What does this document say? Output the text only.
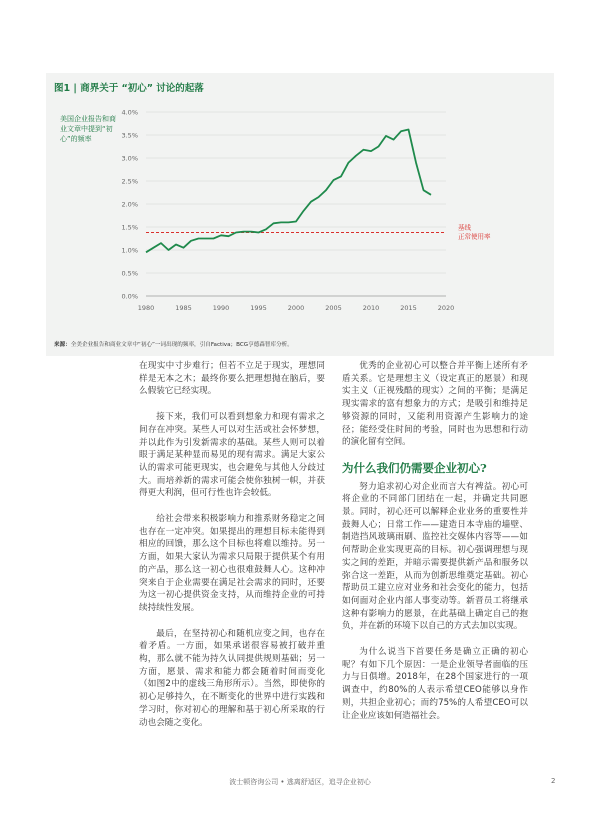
图1 | 商界关于 “初心” 讨论的起落
美国企业报告和商业文章中提到“初心”的频率
0.0%
0.5%
1.0%
1.5%
2.0%
2.5%
3.0%
3.5%
4.0%
1980	1985	1990	1995	2000	2005	2010	2015	2020
基线
正常使用率
来源：全美企业报告和商业文章中“初心”一词出现的频率，引自Factiva；BCG亨德森智库分析。

在现实中寸步难行；但若不立足于现实，理想同样是无本之木；最终你要么把理想抛在脑后，要么假装它已经实现。

接下来，我们可以看到想象力和现有需求之间存在冲突。某些人可以对生活或社会怀梦想，并以此作为引发新需求的基础。某些人则可以着眼于满足某种显而易见的现有需求。满足大家公认的需求可能更现实，也会避免与其他人分歧过大。而培养新的需求可能会使你独树一帜，并获得更大利润，但可行性也许会较低。

给社会带来积极影响力和推系财务稳定之间也存在一定冲突。如果提出的理想目标未能得到相应的回馈，那么这个目标也将难以维持。另一方面，如果大家认为需求只局限于提供某个有用的产品，那么这一初心也很难鼓舞人心。这种冲突来自于企业需要在满足社会需求的同时，还要为这一初心提供资金支持，从而维持企业的可持续持续性发展。

最后，在坚持初心和随机应变之间，也存在着矛盾。一方面，如果承诺很容易被打破并重构，那么就不能为持久认同提供规则基础；另一方面，愿景、需求和能力都会随着时间而变化（如图2中的虚线三角形所示）。当然，即使你的初心足够持久，在不断变化的世界中进行实践和学习时，你对初心的理解和基于初心所采取的行动也会随之变化。

优秀的企业初心可以整合并平衡上述所有矛盾关系。它是理想主义（设定真正的愿景）和现实主义（正视残酷的现实）之间的平衡；是满足现实需求的富有想象力的方式；是吸引和维持足够资源的同时，又能利用资源产生影响力的途径；能经受住时间的考验，同时也为思想和行动的演化留有空间。

为什么我们仍需要企业初心?

努力追求初心对企业而言大有裨益。初心可将企业的不同部门团结在一起，并确定共同愿景。同时，初心还可以解释企业业务的重要性并鼓舞人心；日常工作——建造日本寺庙的墙壁、制造挡风玻璃雨刷、监控社交媒体内容等——如何帮助企业实现更高的目标。初心强调理想与现实之间的差距，并暗示需要提供新产品和服务以弥合这一差距，从而为创新思维奠定基础。初心帮助员工建立应对业务和社会变化的能力，包括如何面对企业内部人事变动等。新晋员工将继承这种有影响力的愿景，在此基础上确定自己的抱负，并在新的环境下以自己的方式去加以实现。

为什么说当下首要任务是确立正确的初心呢？有如下几个原因：一是企业领导者面临的压力与日俱增。2018年，在28个国家进行的一项调查中，约80%的人表示希望CEO能够以身作则，共担企业初心；而约75%的人希望CEO可以让企业应该如何造福社会。

波士顿咨询公司 • 逃离舒适区，追寻企业初心	2
